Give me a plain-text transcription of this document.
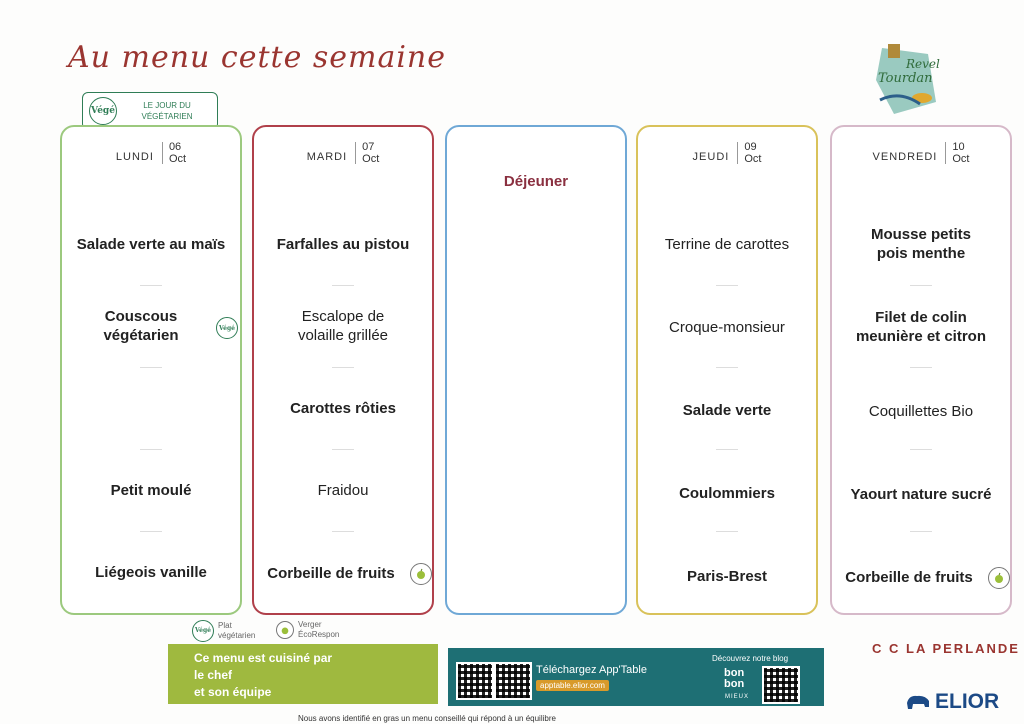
Au menu cette semaine	Revel
Tourdan
Végé
LE JOUR DU VÉGÉTARIEN
LUNDI
06
Oct
Salade verte au maïs
Couscous végétarien	Végé
Petit moulé
Liégeois vanille
MARDI
07
Oct
Farfalles au pistou
Escalope de volaille grillée
Carottes rôties
Fraidou
Corbeille de fruits
Déjeuner
JEUDI
09
Oct
Terrine de carottes
Croque-monsieur
Salade verte
Coulommiers
Paris-Brest
VENDREDI
10
Oct
Mousse petits pois menthe
Filet de colin meunière et citron
Coquillettes Bio
Yaourt nature sucré
Corbeille de fruits
Végé
Plat végétarien
Verger ÉcoRespon
Ce menu est cuisiné par
le chef
et son équipe
Téléchargez App'Table
apptable.elior.com
Découvrez notre blog
bon bon
MIEUX
C C LA PERLANDE
ELIOR
Nous avons identifié en gras un menu conseillé qui répond à un équilibre
